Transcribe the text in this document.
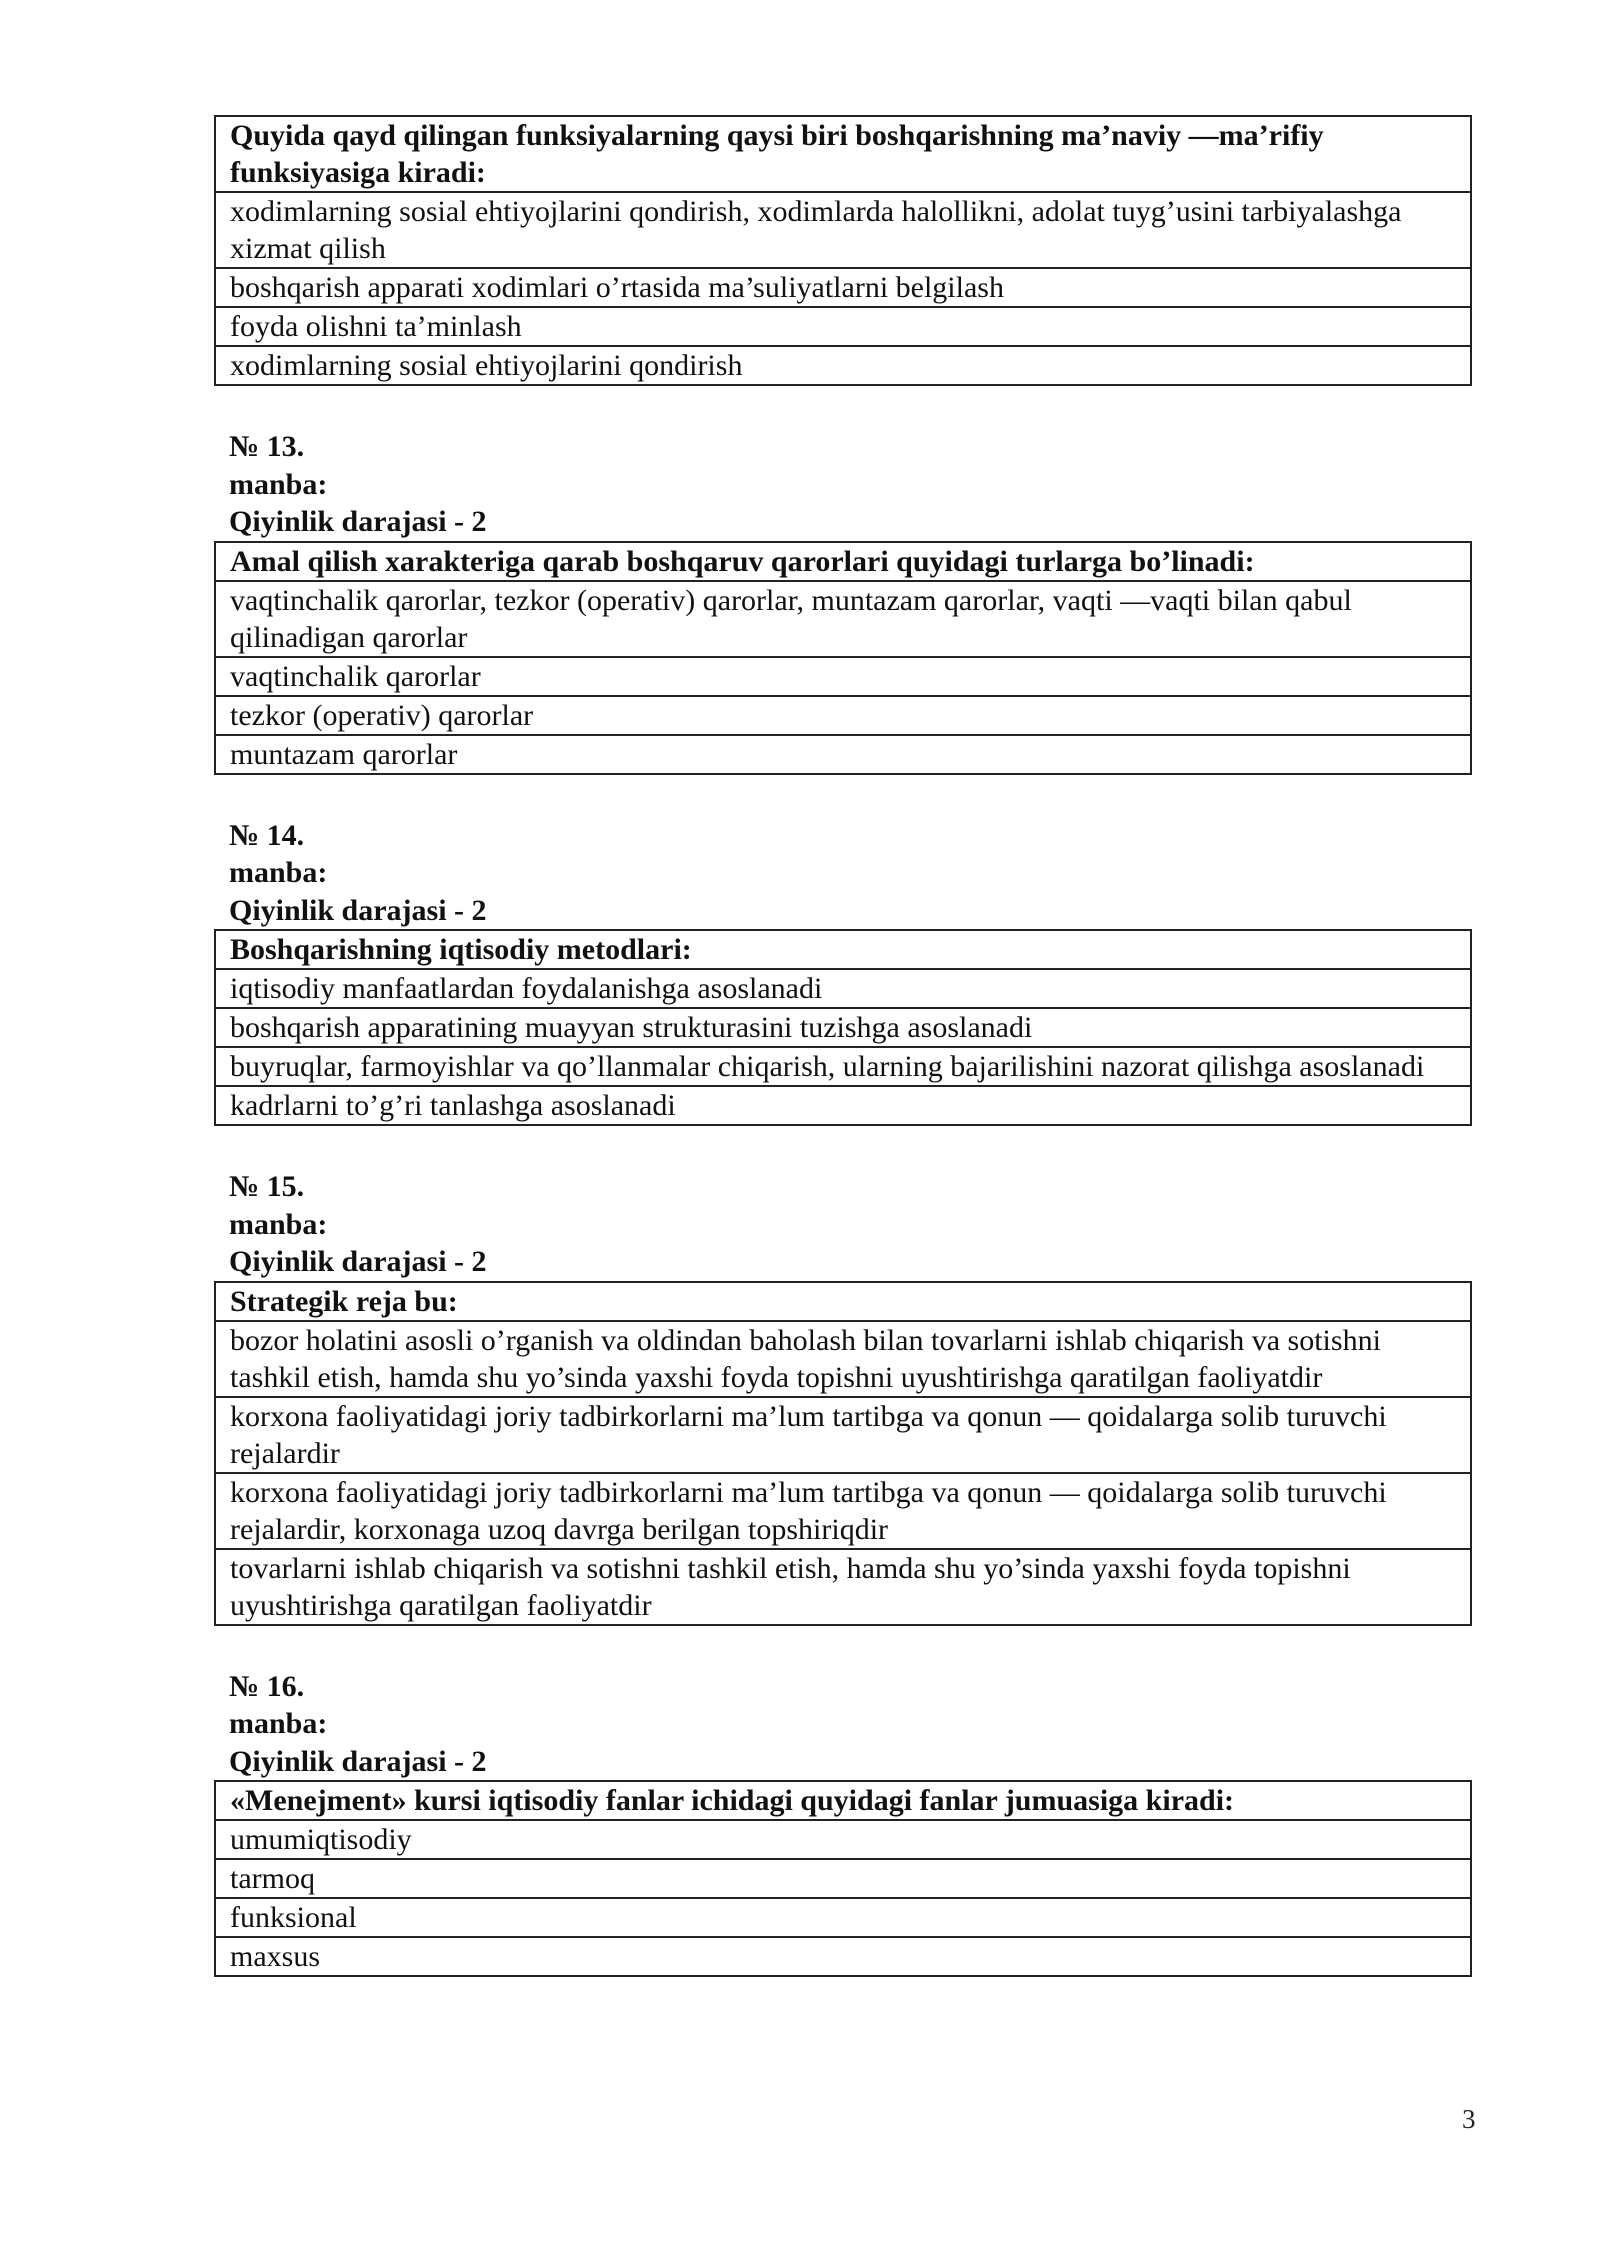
Quyida qayd qilingan funksiyalarning qaysi biri boshqarishning ma’naviy —ma’rifiy funksiyasiga kiradi:
xodimlarning sosial ehtiyojlarini qondirish, xodimlarda halollikni, adolat tuyg’usini tarbiyalashga xizmat qilish
boshqarish apparati xodimlari o’rtasida ma’suliyatlarni belgilash
foyda olishni ta’minlash
xodimlarning sosial ehtiyojlarini qondirish
№ 13.
manba:
Qiyinlik darajasi - 2
Amal qilish xarakteriga qarab boshqaruv qarorlari quyidagi turlarga bo’linadi:
vaqtinchalik qarorlar, tezkor (operativ) qarorlar, muntazam qarorlar, vaqti —vaqti bilan qabul qilinadigan qarorlar
vaqtinchalik qarorlar
tezkor (operativ) qarorlar
muntazam qarorlar
№ 14.
manba:
Qiyinlik darajasi - 2
Boshqarishning iqtisodiy metodlari:
iqtisodiy manfaatlardan foydalanishga asoslanadi
boshqarish apparatining muayyan strukturasini tuzishga asoslanadi
buyruqlar, farmoyishlar va qo’llanmalar chiqarish, ularning bajarilishini nazorat qilishga asoslanadi
kadrlarni to’g’ri tanlashga asoslanadi
№ 15.
manba:
Qiyinlik darajasi - 2
Strategik reja bu:
bozor holatini asosli o’rganish va oldindan baholash bilan tovarlarni ishlab chiqarish va sotishni tashkil etish, hamda shu yo’sinda yaxshi foyda topishni uyushtirishga qaratilgan faoliyatdir
korxona faoliyatidagi joriy tadbirkorlarni ma’lum tartibga va qonun — qoidalarga solib turuvchi rejalardir
korxona faoliyatidagi joriy tadbirkorlarni ma’lum tartibga va qonun — qoidalarga solib turuvchi rejalardir, korxonaga uzoq davrga berilgan topshiriqdir
tovarlarni ishlab chiqarish va sotishni tashkil etish, hamda shu yo’sinda yaxshi foyda topishni uyushtirishga qaratilgan faoliyatdir
№ 16.
manba:
Qiyinlik darajasi - 2
«Menejment» kursi iqtisodiy fanlar ichidagi quyidagi fanlar jumuasiga kiradi:
umumiqtisodiy
tarmoq
funksional
maxsus
3
